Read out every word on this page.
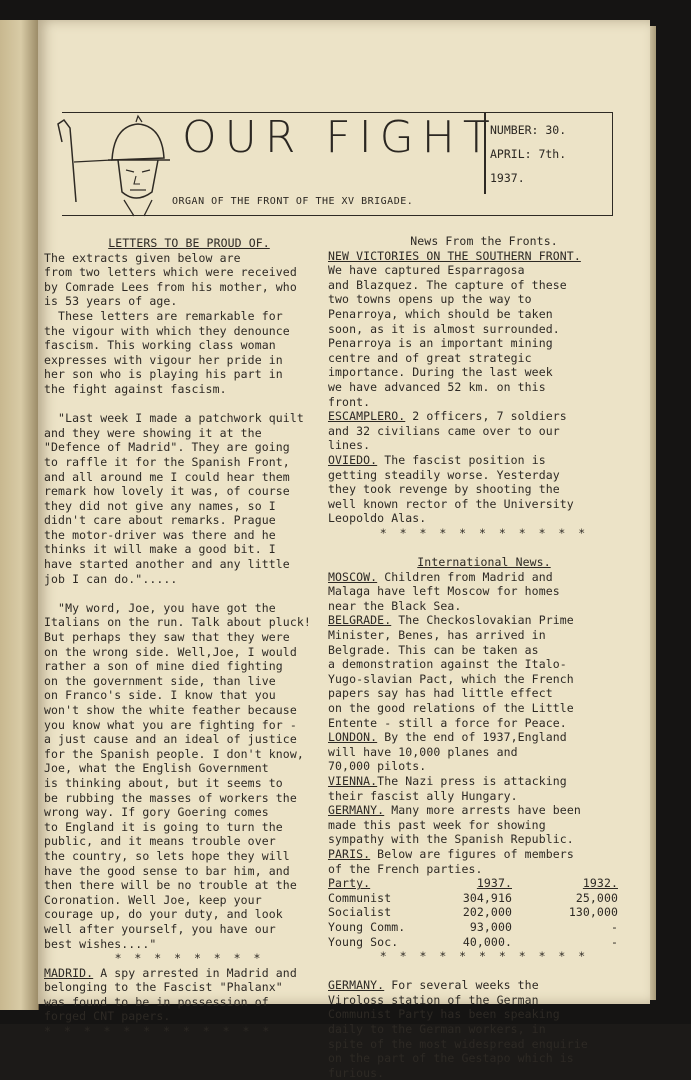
OUR FIGHT
NUMBER: 30.
APRIL: 7th.
1937.
ORGAN OF THE FRONT OF THE XV BRIGADE.
LETTERS TO BE PROUD OF.
The extracts given below are
from two letters which were received
by Comrade Lees from his mother, who
is 53 years of age.
These letters are remarkable for
the vigour with which they denounce
fascism. This working class woman
expresses with vigour her pride in
her son who is playing his part in
the fight against fascism.

"Last week I made a patchwork quilt
and they were showing it at the
"Defence of Madrid". They are going
to raffle it for the Spanish Front,
and all around me I could hear them
remark how lovely it was, of course
they did not give any names, so I
didn't care about remarks. Prague
the motor-driver was there and he
thinks it will make a good bit. I
have started another and any little
job I can do.".....

"My word, Joe, you have got the
Italians on the run. Talk about pluck!
But perhaps they saw that they were
on the wrong side. Well,Joe, I would
rather a son of mine died fighting
on the government side, than live
on Franco's side. I know that you
won't show the white feather because
you know what you are fighting for -
a just cause and an ideal of justice
for the Spanish people. I don't know,
Joe, what the English Government
is thinking about, but it seems to
be rubbing the masses of workers the
wrong way. If gory Goering comes
to England it is going to turn the
public, and it means trouble over
the country, so lets hope they will
have the good sense to bar him, and
then there will be no trouble at the
Coronation. Well Joe, keep your
courage up, do your duty, and look
well after yourself, you have our
best wishes...."
* * * * * * * *
MADRID. A spy arrested in Madrid and
belonging to the Fascist "Phalanx"
was found to be in possession of
forged CNT papers.
* * * * * * * * * * * *
News From the Fronts.
NEW VICTORIES ON THE SOUTHERN FRONT.

We have captured Esparragosa
and Blazquez. The capture of these
two towns opens up the way to
Penarroya, which should be taken
soon, as it is almost surrounded.
Penarroya is an important mining
centre and of great strategic
importance. During the last week
we have advanced 52 km. on this
front.
ESCAMPLERO. 2 officers, 7 soldiers
and 32 civilians came over to our
lines.
OVIEDO. The fascist position is
getting steadily worse. Yesterday
they took revenge by shooting the
well known rector of the University
Leopoldo Alas.
* * * * * * * * * * *

International News.
MOSCOW. Children from Madrid and
Malaga have left Moscow for homes
near the Black Sea.
BELGRADE. The Checkoslovakian Prime
Minister, Benes, has arrived in
Belgrade. This can be taken as
a demonstration against the Italo-
Yugo-slavian Pact, which the French
papers say has had little effect
on the good relations of the Little
Entente - still a force for Peace.
LONDON. By the end of 1937,England
will have 10,000 planes and
70,000 pilots.
VIENNA.The Nazi press is attacking
their fascist ally Hungary.
GERMANY. Many more arrests have been
made this past week for showing
sympathy with the Spanish Republic.
PARIS. Below are figures of members
of the French parties.
Party.	1937.	1932.
Communist	304,916	25,000
Socialist	202,000	130,000
Young Comm.	93,000	-
Young Soc.	40,000.	-
* * * * * * * * * * *

GERMANY. For several weeks the
Viroloss station of the German
Communist Party has been speaking
daily to the German workers, in
spite of the most widespread enquirie
on the part of the Gestapo which is
furious.
